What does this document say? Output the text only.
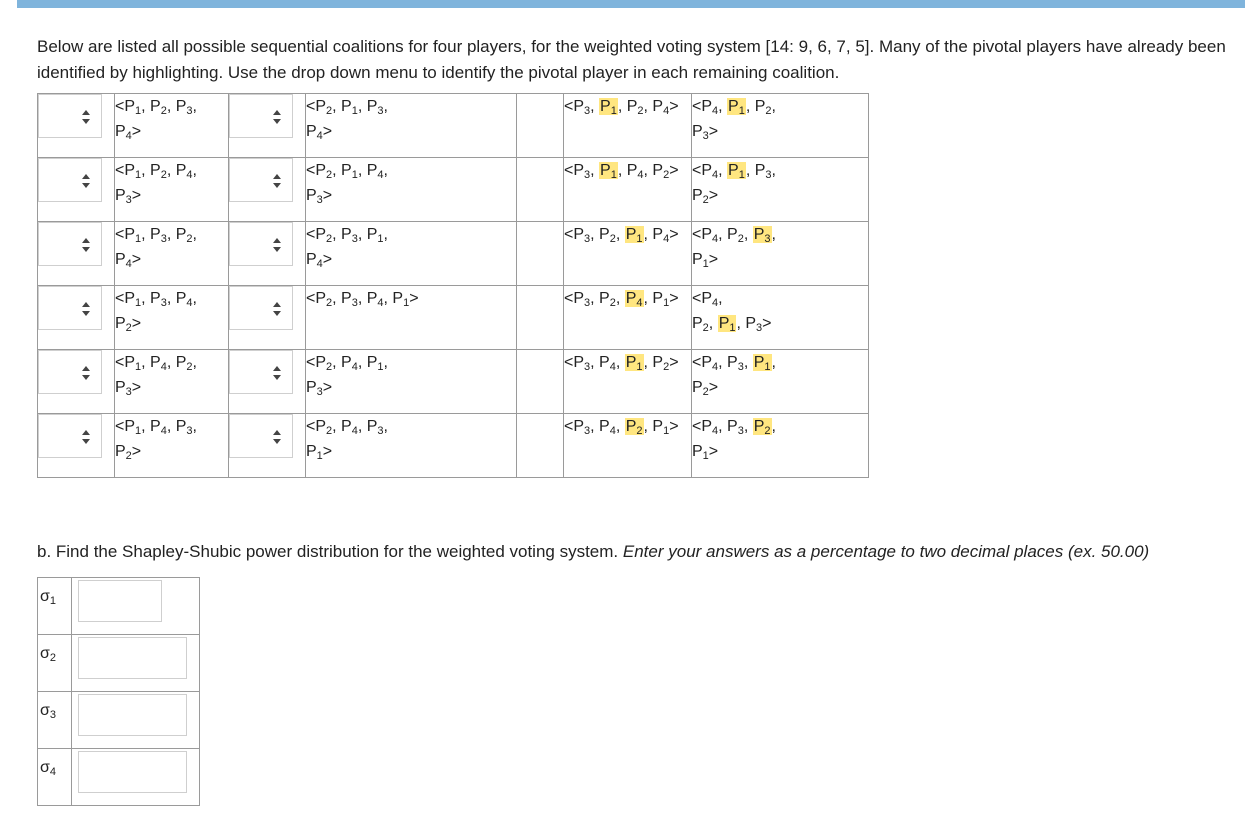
Below are listed all possible sequential coalitions for four players, for the weighted voting system [14: 9, 6, 7, 5]. Many of the pivotal players have already been identified by highlighting. Use the drop down menu to identify the pivotal player in each remaining coalition.

$<P_1$, $P_2$, $P_3$,
$P_4>$		$<P_2$, $P_1$, $P_3$,
$P_4>$		$<P_3$, $P_1$, $P_2$, $P_4>$	$<P_4$, $P_1$, $P_2$,
$P_3>$

$<P_1$, $P_2$, $P_4$,
$P_3>$		$<P_2$, $P_1$, $P_4$,
$P_3>$		$<P_3$, $P_1$, $P_4$, $P_2>$	$<P_4$, $P_1$, $P_3$,
$P_2>$

$<P_1$, $P_3$, $P_2$,
$P_4>$		$<P_2$, $P_3$, $P_1$,
$P_4>$		$<P_3$, $P_2$, $P_1$, $P_4>$	$<P_4$, $P_2$, $P_3$,
$P_1>$

$<P_1$, $P_3$, $P_4$,
$P_2>$		$<P_2$, $P_3$, $P_4$, $P_1>$		$<P_3$, $P_2$, $P_4$, $P_1>$	$<P_4$,
$P_2$, $P_1$, $P_3>$

$<P_1$, $P_4$, $P_2$,
$P_3>$		$<P_2$, $P_4$, $P_1$,
$P_3>$		$<P_3$, $P_4$, $P_1$, $P_2>$	$<P_4$, $P_3$, $P_1$,
$P_2>$

$<P_1$, $P_4$, $P_3$,
$P_2>$		$<P_2$, $P_4$, $P_3$,
$P_1>$		$<P_3$, $P_4$, $P_2$, $P_1>$	$<P_4$, $P_3$, $P_2$,
$P_1>$

b. Find the Shapley-Shubic power distribution for the weighted voting system. Enter your answers as a percentage to two decimal places (ex. 50.00)

$\sigma_1$	

$\sigma_2$	

$\sigma_3$	

$\sigma_4$	
